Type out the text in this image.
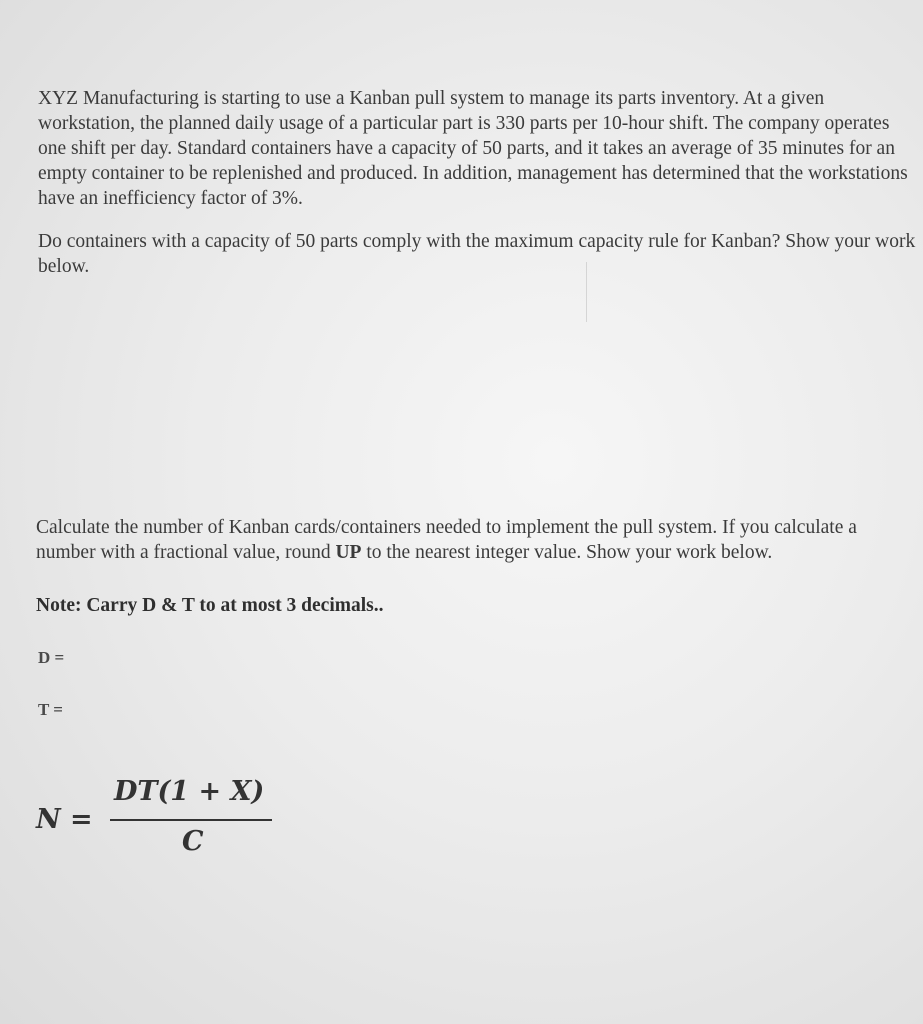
XYZ Manufacturing is starting to use a Kanban pull system to manage its parts inventory. At a given workstation, the planned daily usage of a particular part is 330 parts per 10-hour shift. The company operates one shift per day. Standard containers have a capacity of 50 parts, and it takes an average of 35 minutes for an empty container to be replenished and produced. In addition, management has determined that the workstations have an inefficiency factor of 3%.
Do containers with a capacity of 50 parts comply with the maximum capacity rule for Kanban? Show your work below.
Calculate the number of Kanban cards/containers needed to implement the pull system. If you calculate a number with a fractional value, round UP to the nearest integer value. Show your work below.
Note: Carry D & T to at most 3 decimals..
D =
T =
N =
DT(1 + X)
C
